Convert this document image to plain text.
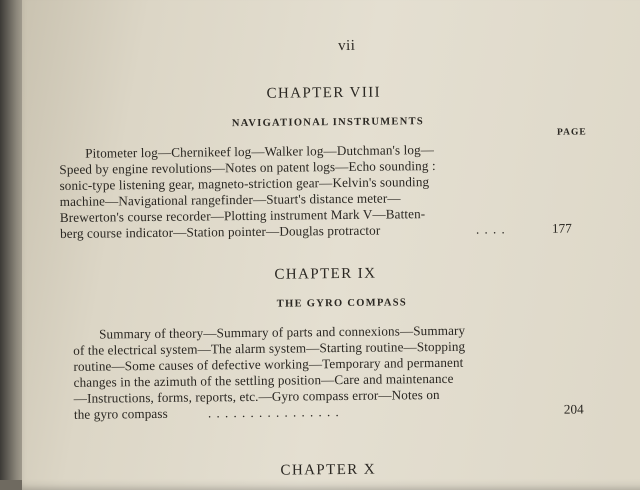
vii
CHAPTER VIII
NAVIGATIONAL INSTRUMENTS
PAGE
Pitometer log—Chernikeef log—Walker log—Dutchman's log—
Speed by engine revolutions—Notes on patent logs—Echo sounding :
sonic-type listening gear, magneto-striction gear—Kelvin's sounding
machine—Navigational rangefinder—Stuart's distance meter—
Brewerton's course recorder—Plotting instrument Mark V—Batten-
berg course indicator—Station pointer—Douglas protractor	. . . .	177
CHAPTER IX
THE GYRO COMPASS
Summary of theory—Summary of parts and connexions—Summary
of the electrical system—The alarm system—Starting routine—Stopping
routine—Some causes of defective working—Temporary and permanent
changes in the azimuth of the settling position—Care and maintenance
—Instructions, forms, reports, etc.—Gyro compass error—Notes on
the gyro compass	. . . . . . . . . . . . . . . .	204
CHAPTER X
